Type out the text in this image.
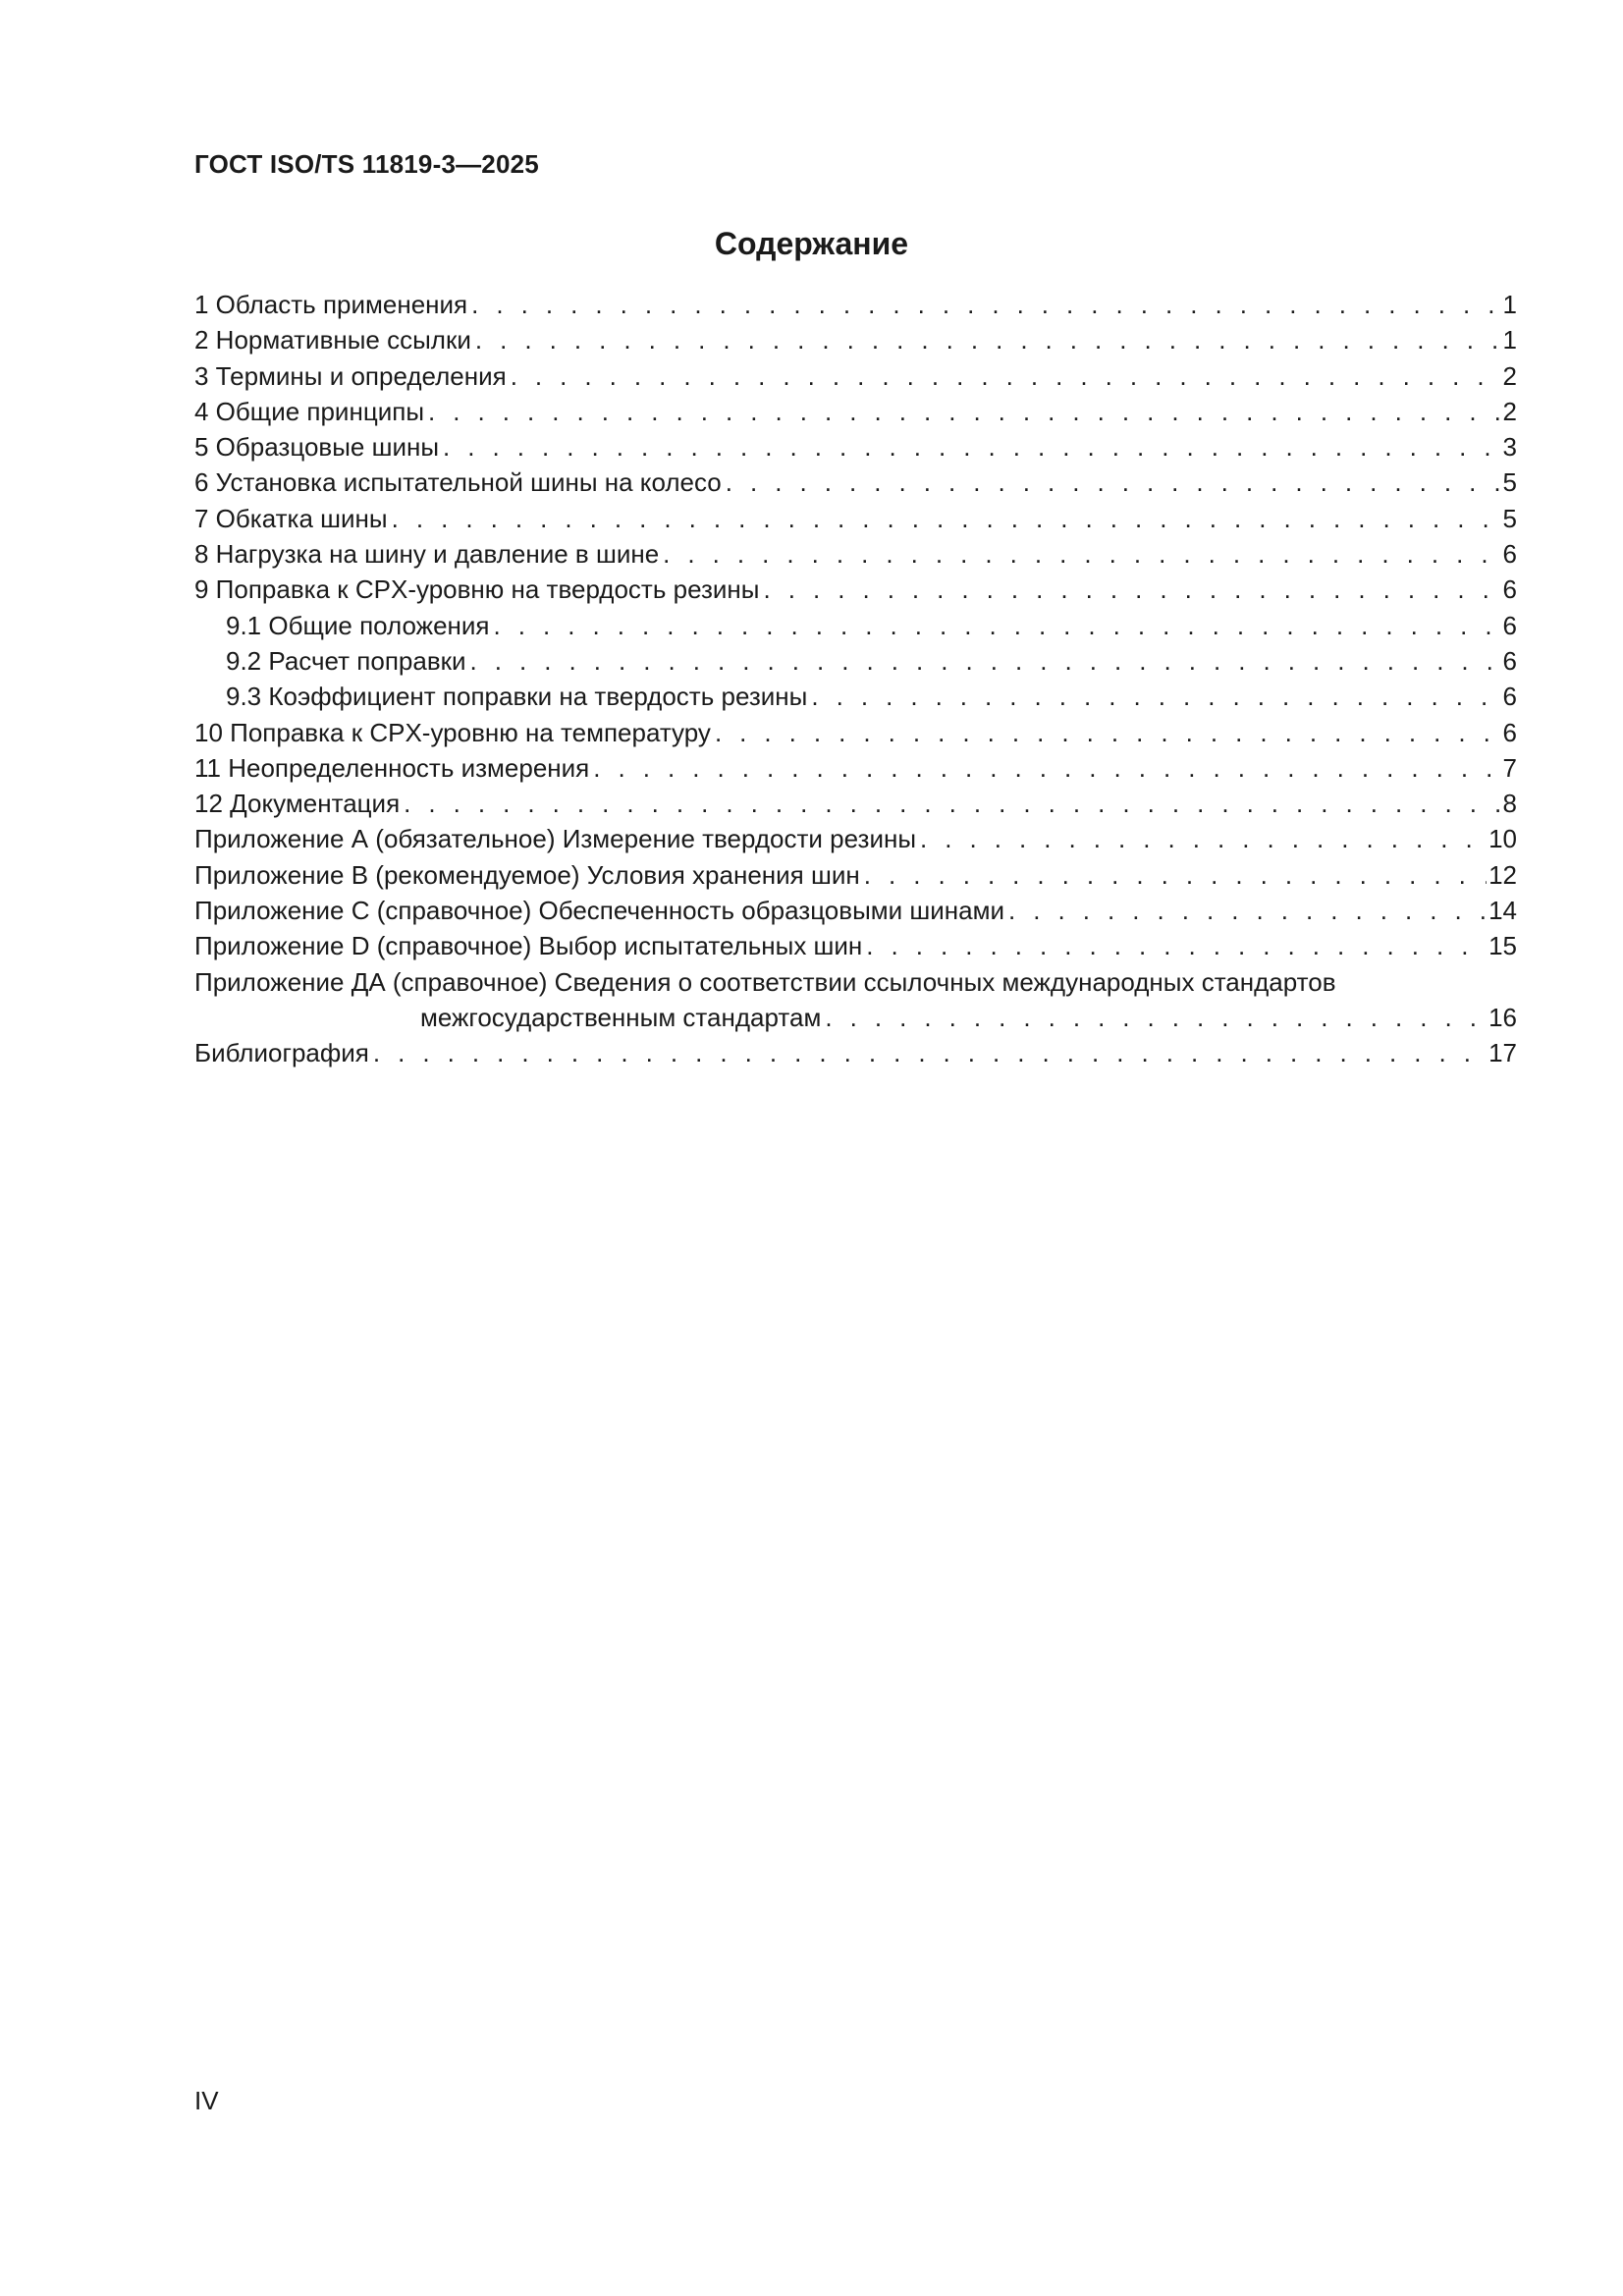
ГОСТ ISO/TS 11819-3—2025
Содержание
1 Область применения . . .	1
2 Нормативные ссылки . . .	1
3 Термины и определения . . .	2
4 Общие принципы . . .	2
5 Образцовые шины . . .	3
6 Установка испытательной шины на колесо . . .	5
7 Обкатка шины . . .	5
8 Нагрузка на шину и давление в шине . . .	6
9 Поправка к CPX-уровню на твердость резины . . .	6
9.1 Общие положения . . .	6
9.2 Расчет поправки . . .	6
9.3 Коэффициент поправки на твердость резины . . .	6
10 Поправка к CPX-уровню на температуру . . .	6
11 Неопределенность измерения . . .	7
12 Документация . . .	8
Приложение А (обязательное) Измерение твердости резины . . .	10
Приложение В (рекомендуемое) Условия хранения шин . . .	12
Приложение С (справочное) Обеспеченность образцовыми шинами . . .	14
Приложение D (справочное) Выбор испытательных шин . . .	15
Приложение ДА (справочное) Сведения о соответствии ссылочных международных стандартов
межгосударственным стандартам . . .	16
Библиография . . .	17
IV
